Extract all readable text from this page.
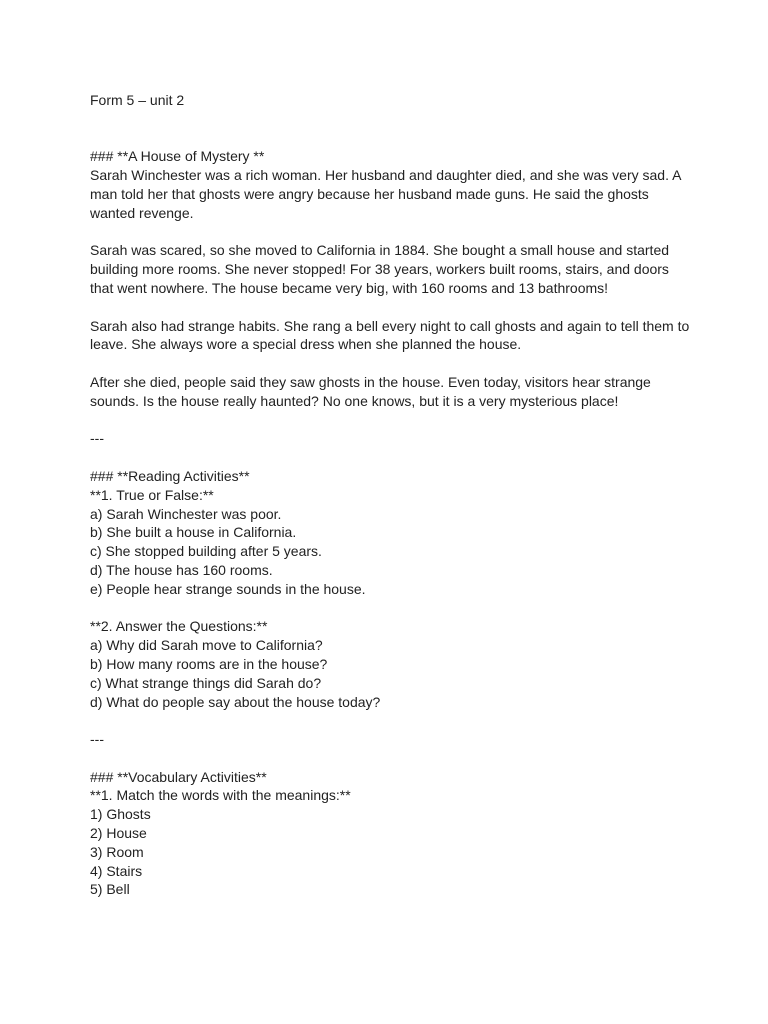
Form 5 – unit 2
### **A House of Mystery **

Sarah Winchester was a rich woman. Her husband and daughter died, and she was very sad. A man told her that ghosts were angry because her husband made guns. He said the ghosts wanted revenge.

Sarah was scared, so she moved to California in 1884. She bought a small house and started building more rooms. She never stopped! For 38 years, workers built rooms, stairs, and doors that went nowhere. The house became very big, with 160 rooms and 13 bathrooms!

Sarah also had strange habits. She rang a bell every night to call ghosts and again to tell them to leave. She always wore a special dress when she planned the house.

After she died, people said they saw ghosts in the house. Even today, visitors hear strange sounds. Is the house really haunted? No one knows, but it is a very mysterious place!

---
### **Reading Activities**
**1. True or False:**
a) Sarah Winchester was poor.
b) She built a house in California.
c) She stopped building after 5 years.
d) The house has 160 rooms.
e) People hear strange sounds in the house.
**2. Answer the Questions:**
a) Why did Sarah move to California?
b) How many rooms are in the house?
c) What strange things did Sarah do?
d) What do people say about the house today?
---
### **Vocabulary Activities**
**1. Match the words with the meanings:**
1) Ghosts
2) House
3) Room
4) Stairs
5) Bell
